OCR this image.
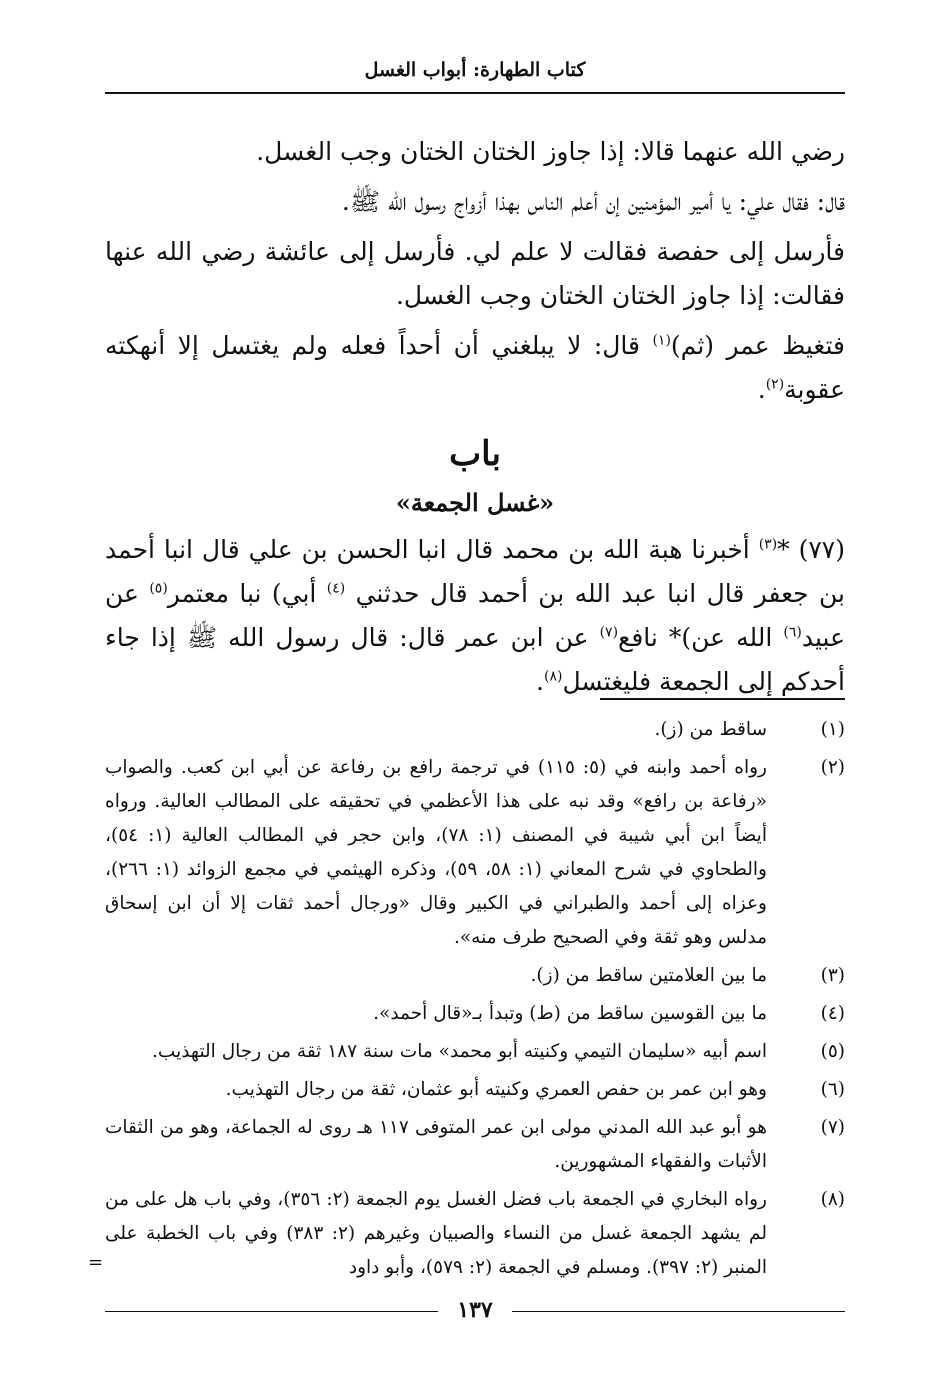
كتاب الطهارة: أبواب الغسل

رضي الله عنهما قالا: إذا جاوز الختان الختان وجب الغسل.

قال: فقال علي: يا أمير المؤمنين إن أعلم الناس بهذا أزواج رسول الله ﷺ.

فأرسل إلى حفصة فقالت لا علم لي. فأرسل إلى عائشة رضي الله عنها فقالت: إذا جاوز الختان الختان وجب الغسل.

فتغيظ عمر (ثم)$^{(١)}$ قال: لا يبلغني أن أحداً فعله ولم يغتسل إلا أنهكته عقوبة$^{(٢)}$.

باب
«غسل الجمعة»

(٧٧) *$^{(٣)}$ أخبرنا هبة الله بن محمد قال انبا الحسن بن علي قال انبا أحمد بن جعفر قال انبا عبد الله بن أحمد قال حدثني $^{(٤)}$ أبي) نبا معتمر$^{(٥)}$ عن عبيد$^{(٦)}$ الله عن)* نافع$^{(٧)}$ عن ابن عمر قال: قال رسول الله ﷺ إذا جاء أحدكم إلى الجمعة فليغتسل$^{(٨)}$.

(١)
ساقط من (ز).
(٢)
رواه أحمد وابنه في (٥: ١١٥) في ترجمة رافع بن رفاعة عن أبي ابن كعب. والصواب «رفاعة بن رافع» وقد نبه على هذا الأعظمي في تحقيقه على المطالب العالية. ورواه أيضاً ابن أبي شيبة في المصنف (١: ٧٨)، وابن حجر في المطالب العالية (١: ٥٤)، والطحاوي في شرح المعاني (١: ٥٨، ٥٩)، وذكره الهيثمي في مجمع الزوائد (١: ٢٦٦)، وعزاه إلى أحمد والطبراني في الكبير وقال «ورجال أحمد ثقات إلا أن ابن إسحاق مدلس وهو ثقة وفي الصحيح طرف منه».
(٣)
ما بين العلامتين ساقط من (ز).
(٤)
ما بين القوسين ساقط من (ط) وتبدأ بـ«قال أحمد».
(٥)
اسم أبيه «سليمان التيمي وكنيته أبو محمد» مات سنة ١٨٧ ثقة من رجال التهذيب.
(٦)
وهو ابن عمر بن حفص العمري وكنيته أبو عثمان، ثقة من رجال التهذيب.
(٧)
هو أبو عبد الله المدني مولى ابن عمر المتوفى ١١٧ هـ روى له الجماعة، وهو من الثقات الأثبات والفقهاء المشهورين.
(٨)
رواه البخاري في الجمعة باب فضل الغسل يوم الجمعة (٢: ٣٥٦)، وفي باب هل على من لم يشهد الجمعة غسل من النساء والصبيان وغيرهم (٢: ٣٨٣) وفي باب الخطبة على المنبر (٢: ٣٩٧). ومسلم في الجمعة (٢: ٥٧٩)، وأبو داود
=
١٣٧
